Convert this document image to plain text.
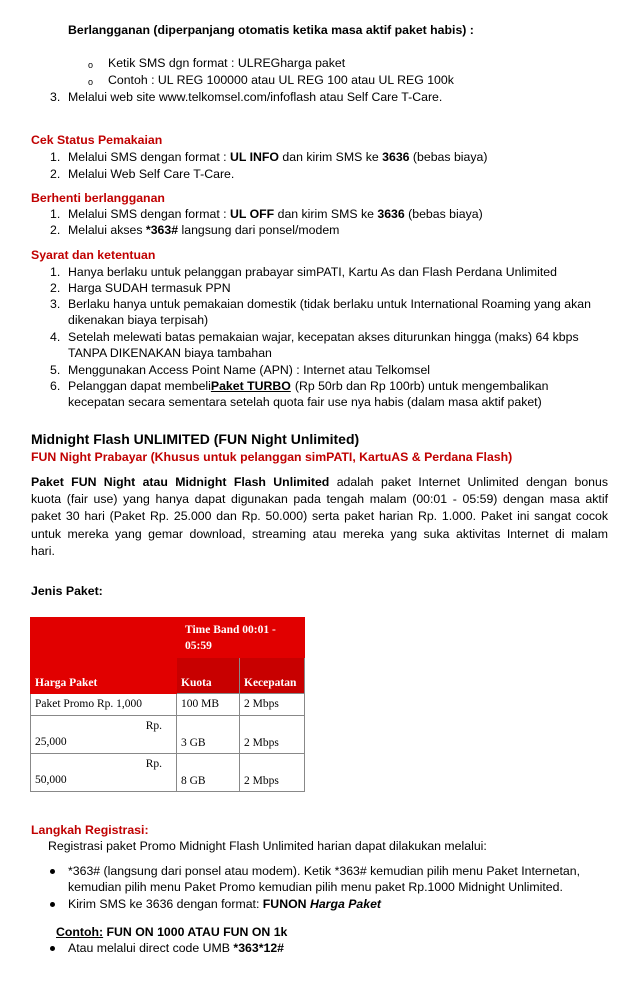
Berlangganan (diperpanjang otomatis ketika masa aktif paket habis) :
o Ketik SMS dgn format : ULREGharga paket
o Contoh : UL REG 100000 atau UL REG 100 atau UL REG 100k
3. Melalui web site www.telkomsel.com/infoflash atau Self Care T-Care.
Cek Status Pemakaian
1. Melalui SMS dengan format : UL INFO dan kirim SMS ke 3636 (bebas biaya)
2. Melalui Web Self Care T-Care.
Berhenti berlangganan
1. Melalui SMS dengan format : UL OFF dan kirim SMS ke 3636 (bebas biaya)
2. Melalui akses *363# langsung dari ponsel/modem
Syarat dan ketentuan
1. Hanya berlaku untuk pelanggan prabayar simPATI, Kartu As dan Flash Perdana Unlimited
2. Harga SUDAH termasuk PPN
3. Berlaku hanya untuk pemakaian domestik (tidak berlaku untuk International Roaming yang akan
dikenakan biaya terpisah)
4. Setelah melewati batas pemakaian wajar, kecepatan akses diturunkan hingga (maks) 64 kbps
TANPA DIKENAKAN biaya tambahan
5. Menggunakan Access Point Name (APN) : Internet atau Telkomsel
6. Pelanggan dapat membeli Paket TURBO (Rp 50rb dan Rp 100rb) untuk mengembalikan
kecepatan secara sementara setelah quota fair use nya habis (dalam masa aktif paket)
Midnight Flash UNLIMITED (FUN Night Unlimited)
FUN Night Prabayar (Khusus untuk pelanggan simPATI, KartuAS & Perdana Flash)
Paket FUN Night atau Midnight Flash Unlimited adalah paket Internet Unlimited dengan bonus
kuota (fair use) yang hanya dapat digunakan pada tengah malam (00:01 - 05:59) dengan masa aktif
paket 30 hari (Paket Rp. 25.000 dan Rp. 50.000) serta paket harian Rp. 1.000. Paket ini sangat cocok
untuk mereka yang gemar download, streaming atau mereka yang suka aktivitas Internet di malam
hari.
Jenis Paket:
	Time Band 00:01 - 05:59	
Harga Paket	Kuota	Kecepatan
Paket Promo Rp. 1,000	100 MB	2 Mbps

Rp.
25,000	3 GB	2 Mbps

Rp.
50,000	8 GB	2 Mbps
Langkah Registrasi:
Registrasi paket Promo Midnight Flash Unlimited harian dapat dilakukan melalui:
*363# (langsung dari ponsel atau modem). Ketik *363# kemudian pilih menu Paket Internetan,
kemudian pilih menu Paket Promo kemudian pilih menu paket Rp.1000 Midnight Unlimited.
Kirim SMS ke 3636 dengan format: FUNON Harga Paket
Contoh: FUN ON 1000 ATAU FUN ON 1k
Atau melalui direct code UMB *363*12#
